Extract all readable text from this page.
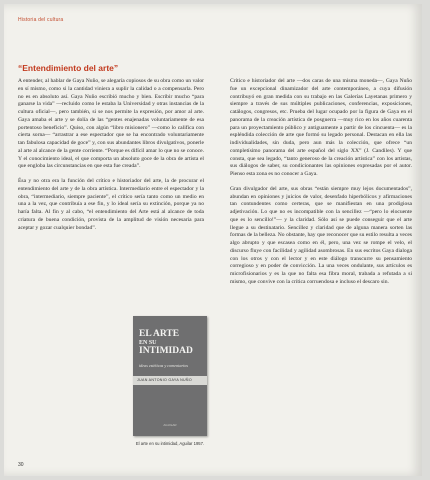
Historia del cultura
“Entendimiento del arte”

A entender, al hablar de Gaya Nuño, se alegaría copiosos de su obra como un valor en sí mismo, como si la cantidad viniera a suplir la calidad o a compensarla. Pero no es en absoluto así. Gaya Nuño escribió mucho y bien. Escribir mucho “para ganarse la vida” —recluido como le estaba la Universidad y otras instancias de la cultura oficial—, pero también, si se nos permite la expresión, por amor al arte. Gaya amaba el arte y se dolía de las “gentes enajenadas voluntariamente de esa portentoso beneficio”. Quiso, con algún “libro misionero” —como lo califica con cierta sorna— “arrastrar a ese espectador que se ha encontrado voluntariamente tan fabulosa capacidad de goce” y, con sus abundantes libros divulgativos, ponerle al arte al alcance de la gente corriente. “Porque es difícil amar lo que no se conoce. Y el conocimiento ideal, el que comporta un absoluto goce de la obra de artista el que engloba las circunstancias en que esta fue creada”.

Ésa y no otra era la función del crítico e historiador del arte, la de procurar el entendimiento del arte y de la obra artística. Intermediario entre el espectador y la obra, “intermediario, siempre paciente”, el crítico sería tanto como un medio en una a la vez, que contribuía a ese fin, y lo ideal sería su extinción, porque ya no haría falta. Al fin y al cabo, “el entendimiento del Arte está al alcance de toda criatura de buena condición, provista de la amplitud de visión necesaria para aceptar y gozar cualquier bondad”.

Crítico e historiador del arte —dos caras de una misma moneda—, Gaya Nuño fue un excepcional dinamizador del arte contemporáneo, a cuya difusión contribuyó en gran medida con su trabajo en las Galerías Layetanas primero y siempre a través de sus múltiples publicaciones, conferencias, exposiciones, catálogos, congresos, etc. Prueba del lugar ocupado por la figura de Gaya en el panorama de la creación artística de posguerra —muy rico en los años cuarenta para un proyectamiento público y antiguamente a partir de los cincuenta— es la espléndida colección de arte que formó su legado personal. Destacan en ella las individualidades, sin duda, pero aun más la colección, que ofrece “un completísimo panorama del arte español del siglo XX” (J. Candiles). Y que consta, que sea legado, “tanto generoso de la creación artística” con los artistas, sus diálogos de saber, su condicionantes las opiniones expresadas por el autor. Pienso esta zona es no conocer a Gaya.

Gran divulgador del arte, sus obras “están siempre muy lejos documentados”, abundan en opiniones y juicios de valor, desenfado hiperbólicos y afirmaciones tan contundentes como certeras, que se manifiestan en una prodigiosa adjetivación. Lo que no es incompatible con la sencillez —“pero lo elocuente que es lo sencillo!”— y la claridad. Sólo así se puede conseguir que el arte llegue a su destinatario. Sencillez y claridad que de alguna manera sorten las formas de la belleza. No obstante, hay que reconocer que su estilo resulta a veces algo abrupto y que escasea como en él, pero, una vez se rompe el velo, el discurso fluye con facilidad y agilidad asombrosas. En sus escritos Gaya dialoga con los otros y con el lector y en este diálogo transcurre su pensamiento corregioso y en poder de convicción. La una veces ondulante, sus artículos es microfisionarios y es la que no falta esa fibra moral, trabada a refutada a si mismo, que convive con la crítica corruendosa e incluso el descaro sin.

EL ARTE

EN SU
INTIMIDAD
ideas estéticas y comentarios
JUAN ANTONIO GAYA NUÑO
AGUILAR
El arte en su intimidad, Aguilar 1957.
30
